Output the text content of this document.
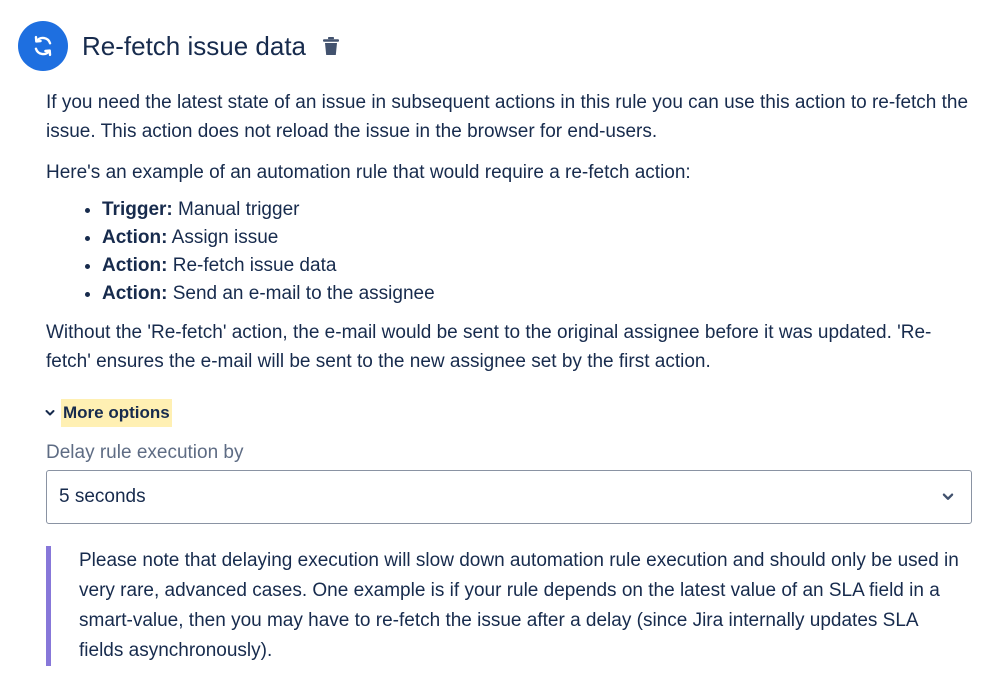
Re-fetch issue data

If you need the latest state of an issue in subsequent actions in this rule you can use this action to re-fetch the issue. This action does not reload the issue in the browser for end-users.

Here's an example of an automation rule that would require a re-fetch action:

• Trigger: Manual trigger
• Action: Assign issue
• Action: Re-fetch issue data
• Action: Send an e-mail to the assignee

Without the 'Re-fetch' action, the e-mail would be sent to the original assignee before it was updated. 'Re-fetch' ensures the e-mail will be sent to the new assignee set by the first action.

More options
Delay rule execution by
5 seconds
Please note that delaying execution will slow down automation rule execution and should only be used in very rare, advanced cases. One example is if your rule depends on the latest value of an SLA field in a smart-value, then you may have to re-fetch the issue after a delay (since Jira internally updates SLA fields asynchronously).
